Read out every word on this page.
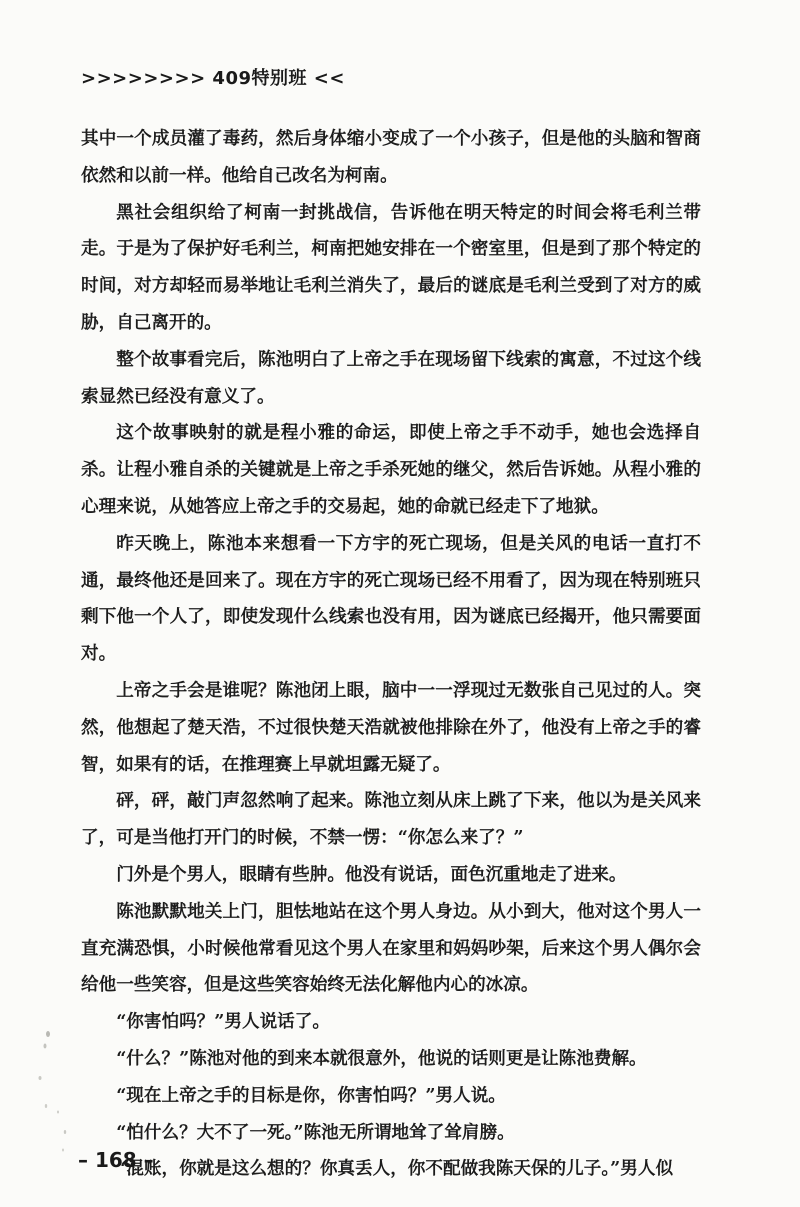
>>>>>>>> 409特别班 <<

其中一个成员灌了毒药，然后身体缩小变成了一个小孩子，但是他的头脑和智商依然和以前一样。他给自己改名为柯南。

黑社会组织给了柯南一封挑战信，告诉他在明天特定的时间会将毛利兰带走。于是为了保护好毛利兰，柯南把她安排在一个密室里，但是到了那个特定的时间，对方却轻而易举地让毛利兰消失了，最后的谜底是毛利兰受到了对方的威胁，自己离开的。

整个故事看完后，陈池明白了上帝之手在现场留下线索的寓意，不过这个线索显然已经没有意义了。

这个故事映射的就是程小雅的命运，即使上帝之手不动手，她也会选择自杀。让程小雅自杀的关键就是上帝之手杀死她的继父，然后告诉她。从程小雅的心理来说，从她答应上帝之手的交易起，她的命就已经走下了地狱。

昨天晚上，陈池本来想看一下方宇的死亡现场，但是关风的电话一直打不通，最终他还是回来了。现在方宇的死亡现场已经不用看了，因为现在特别班只剩下他一个人了，即使发现什么线索也没有用，因为谜底已经揭开，他只需要面对。

上帝之手会是谁呢？陈池闭上眼，脑中一一浮现过无数张自己见过的人。突然，他想起了楚天浩，不过很快楚天浩就被他排除在外了，他没有上帝之手的睿智，如果有的话，在推理赛上早就坦露无疑了。

砰，砰，敲门声忽然响了起来。陈池立刻从床上跳了下来，他以为是关风来了，可是当他打开门的时候，不禁一愣：“你怎么来了？”

门外是个男人，眼睛有些肿。他没有说话，面色沉重地走了进来。

陈池默默地关上门，胆怯地站在这个男人身边。从小到大，他对这个男人一直充满恐惧，小时候他常看见这个男人在家里和妈妈吵架，后来这个男人偶尔会给他一些笑容，但是这些笑容始终无法化解他内心的冰凉。

“你害怕吗？”男人说话了。

“什么？”陈池对他的到来本就很意外，他说的话则更是让陈池费解。

“现在上帝之手的目标是你，你害怕吗？”男人说。

“怕什么？大不了一死。”陈池无所谓地耸了耸肩膀。

“混账，你就是这么想的？你真丢人，你不配做我陈天保的儿子。”男人似

– 168 –
